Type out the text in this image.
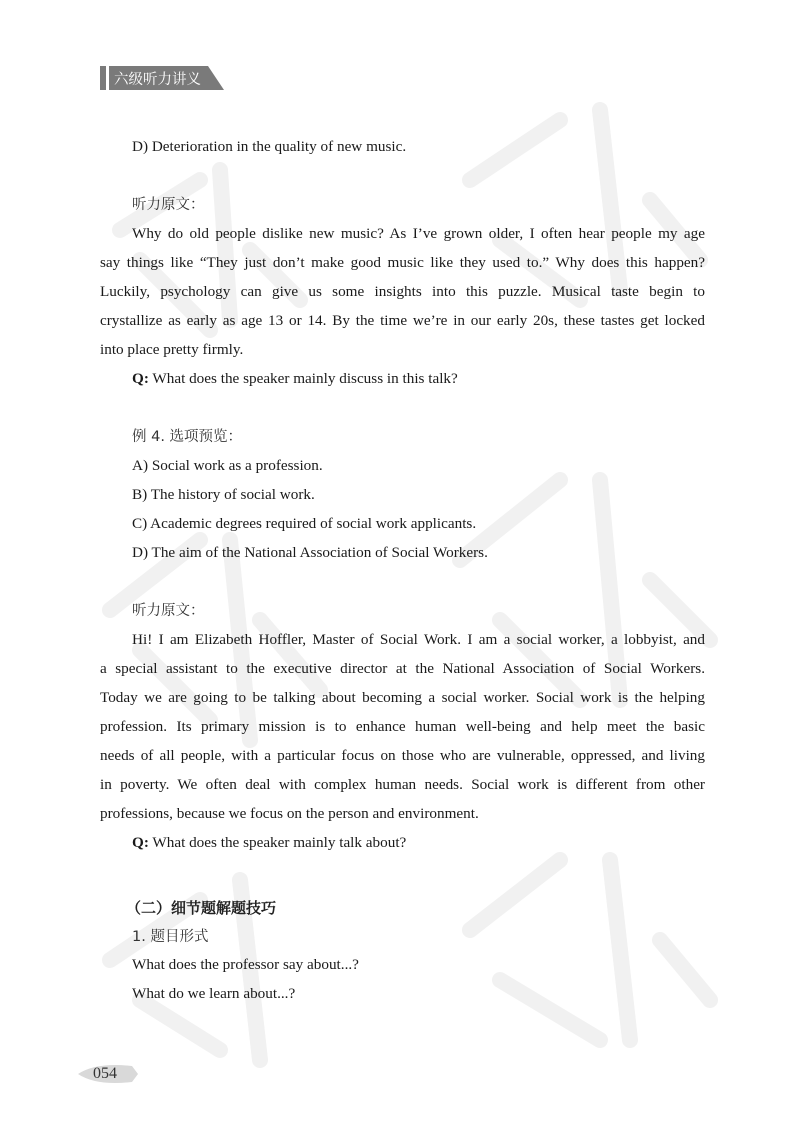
六级听力讲义
D) Deterioration in the quality of new music.
听力原文：
Why do old people dislike new music? As I’ve grown older, I often hear people my age
say things like “They just don’t make good music like they used to.” Why does this happen?
Luckily, psychology can give us some insights into this puzzle. Musical taste begin to
crystallize as early as age 13 or 14. By the time we’re in our early 20s, these tastes get locked
into place pretty firmly.
Q: What does the speaker mainly discuss in this talk?
例 4. 选项预览：
A) Social work as a profession.
B) The history of social work.
C) Academic degrees required of social work applicants.
D) The aim of the National Association of Social Workers.
听力原文：
Hi! I am Elizabeth Hoffler, Master of Social Work. I am a social worker, a lobbyist, and
a special assistant to the executive director at the National Association of Social Workers.
Today we are going to be talking about becoming a social worker. Social work is the helping
profession. Its primary mission is to enhance human well-being and help meet the basic
needs of all people, with a particular focus on those who are vulnerable, oppressed, and living
in poverty. We often deal with complex human needs. Social work is different from other
professions, because we focus on the person and environment.
Q: What does the speaker mainly talk about?
（二）细节题解题技巧
1. 题目形式
What does the professor say about...?
What do we learn about...?
054
